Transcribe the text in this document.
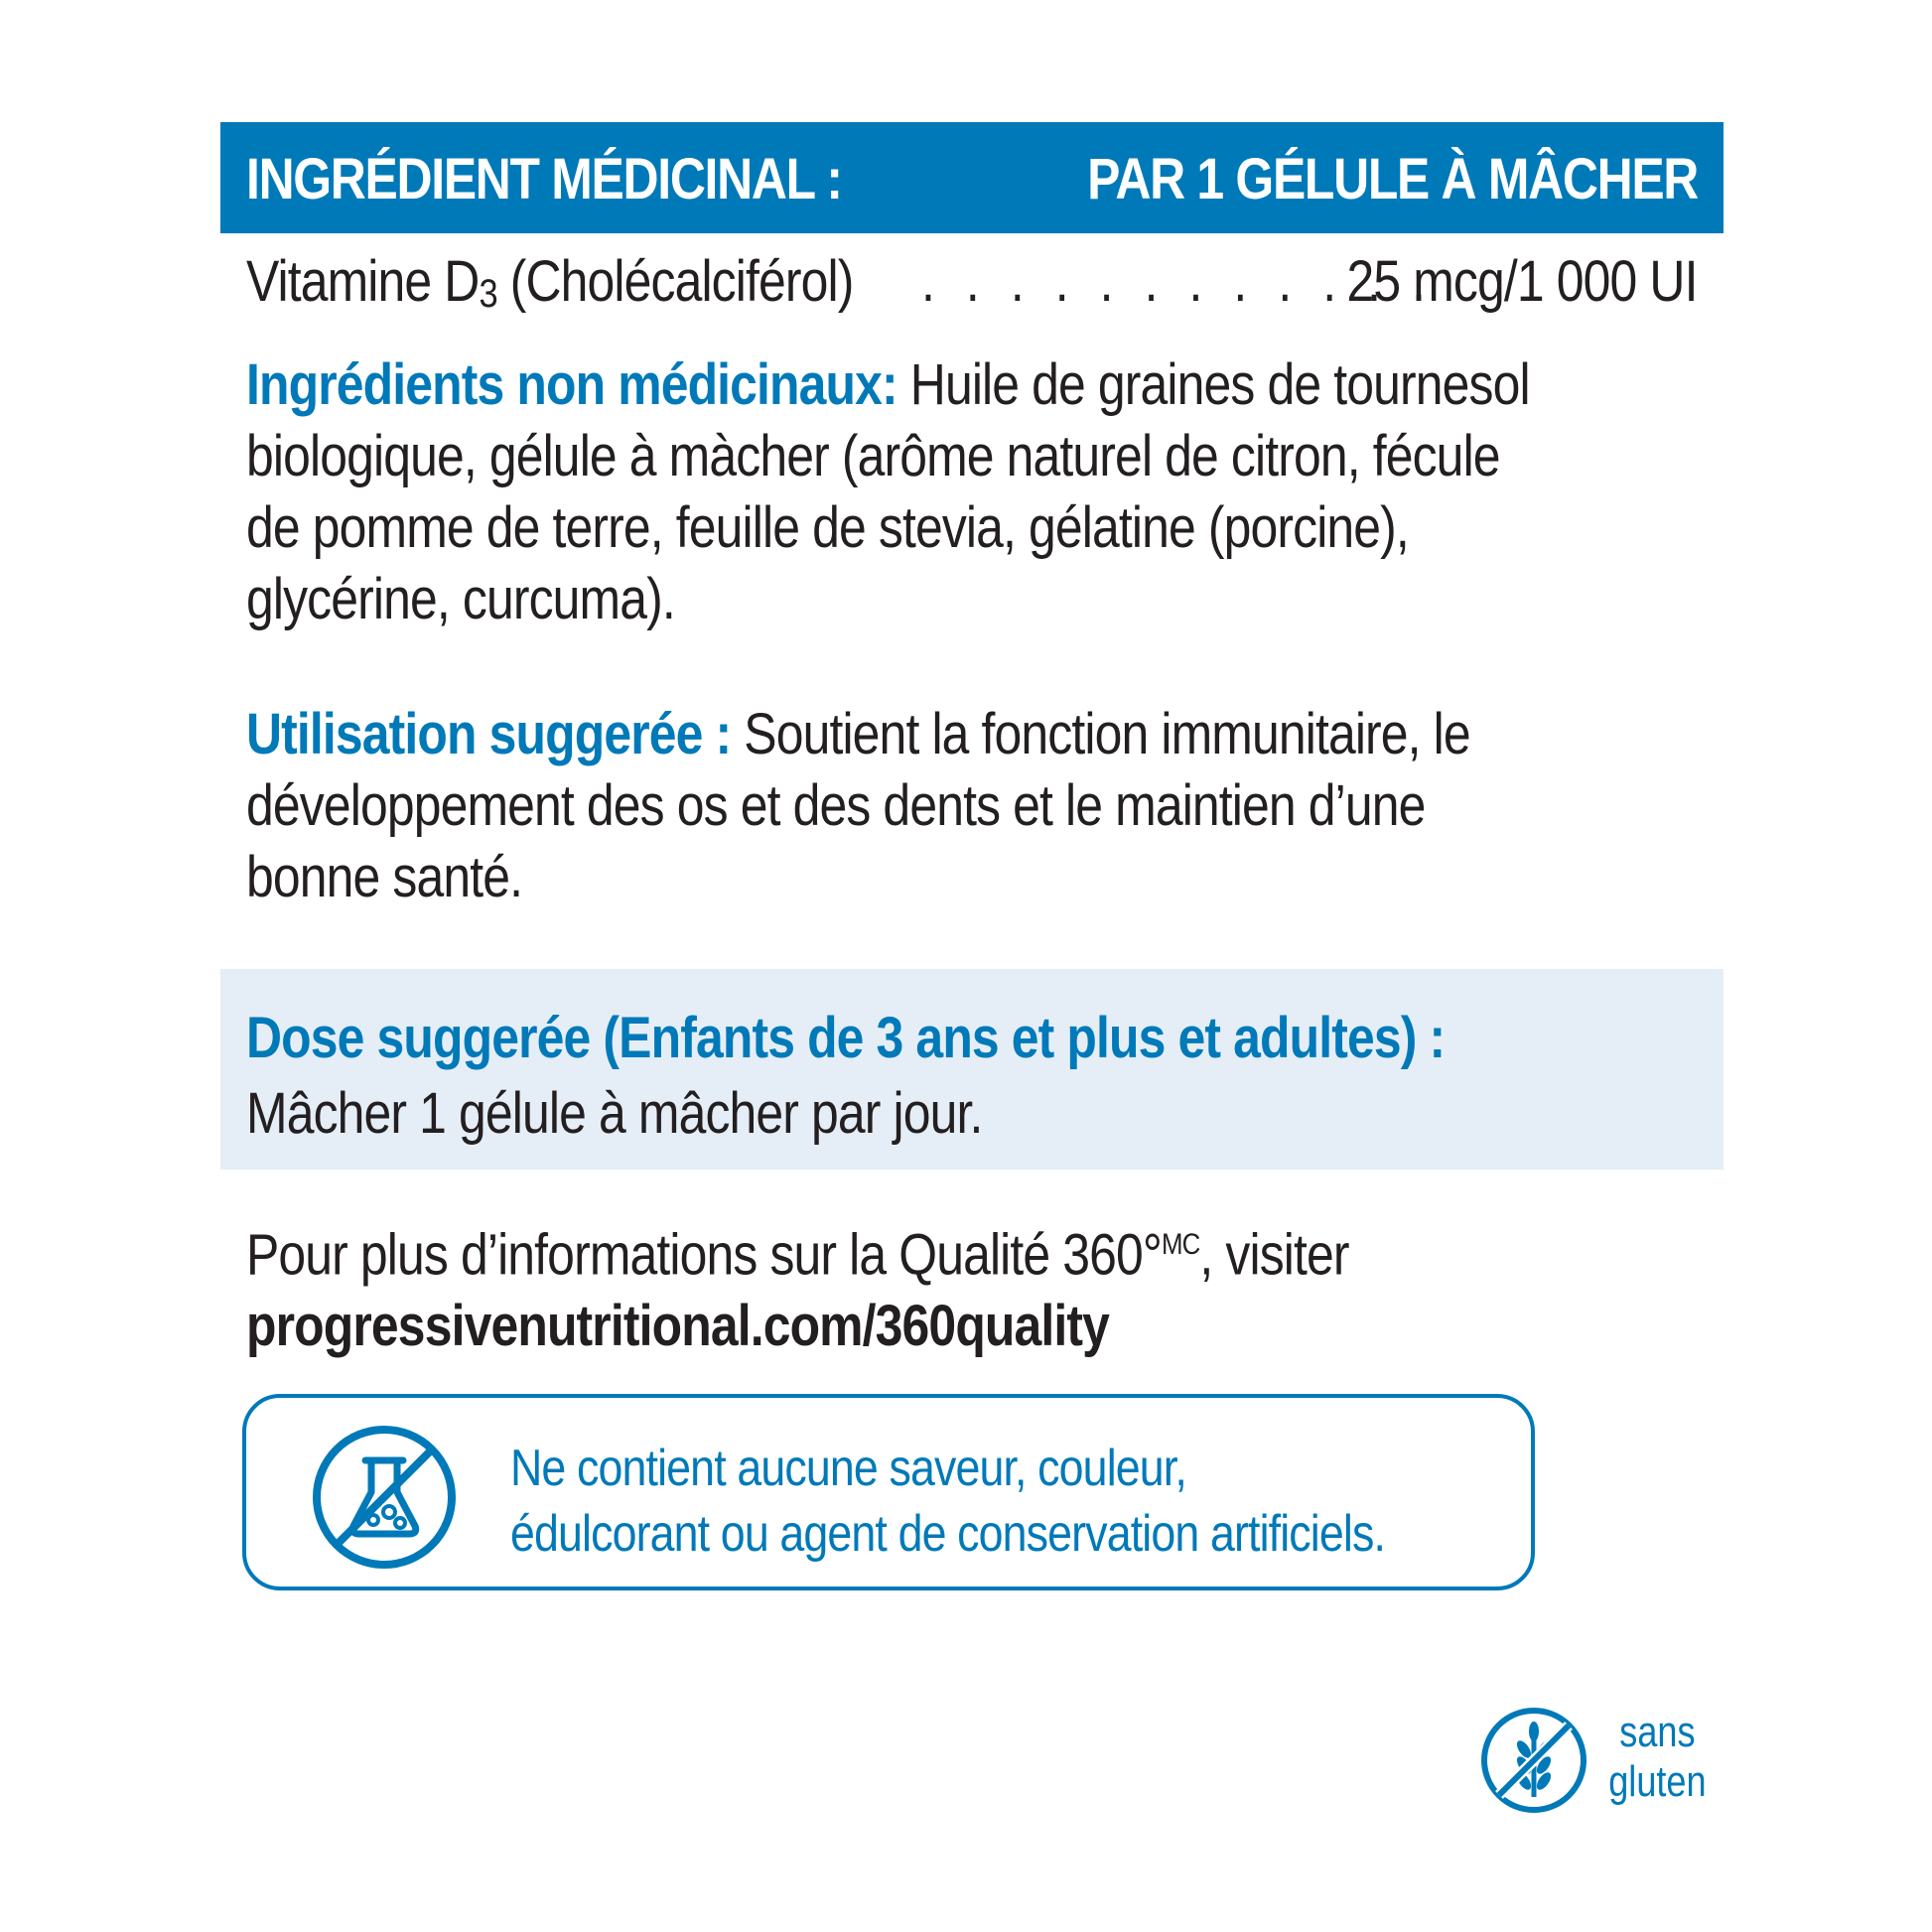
INGRÉDIENT MÉDICINAL :	PAR 1 GÉLULE À MÂCHER
Vitamine $D_3$ (Cholécalciférol) . . . . . . . . . . . .
25 mcg/1 000 UI
Ingrédients non médicinaux: Huile de graines de tournesol biologique, gélule à màcher (arôme naturel de citron, fécule de pomme de terre, feuille de stevia, gélatine (porcine), glycérine, curcuma).
Utilisation suggerée : Soutient la fonction immunitaire, le développement des os et des dents et le maintien d’une bonne santé.
Dose suggerée (Enfants de 3 ans et plus et adultes) :
Mâcher 1 gélule à mâcher par jour.
Pour plus d’informations sur la Qualité 360°$^{MC}$, visiter
progressivenutritional.com/360quality
Ne contient aucune saveur, couleur,
édulcorant ou agent de conservation artificiels.
sans
gluten
